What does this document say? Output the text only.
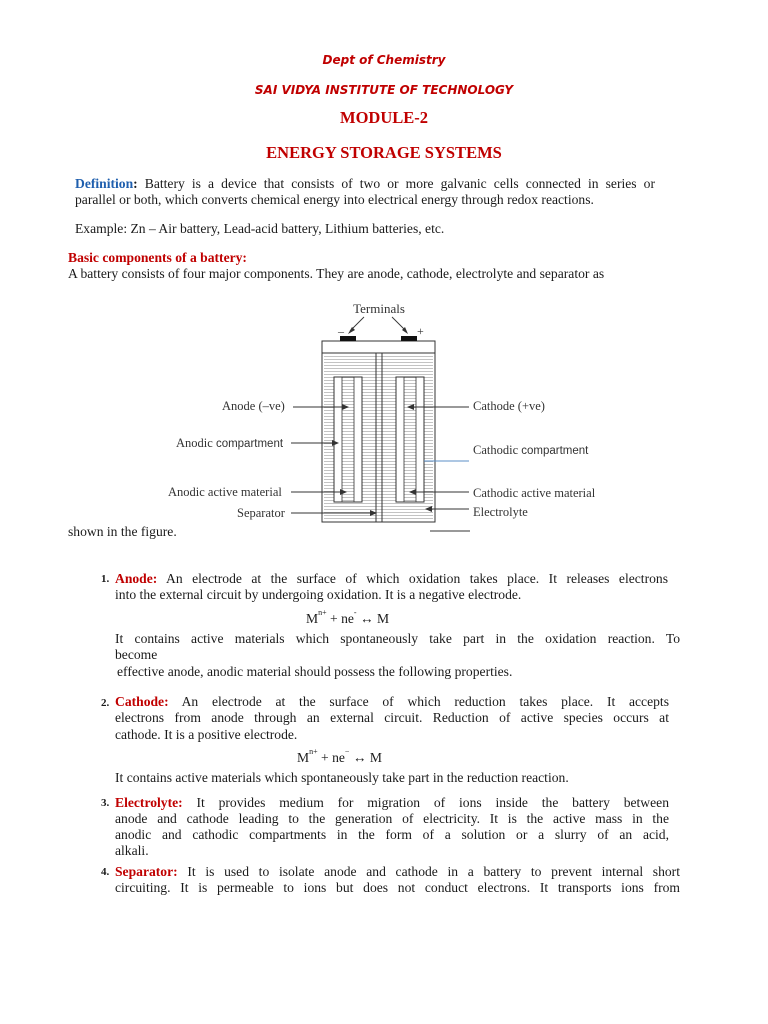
Dept of Chemistry
SAI VIDYA INSTITUTE OF TECHNOLOGY
MODULE-2
ENERGY STORAGE SYSTEMS
Definition: Battery is a device that consists of two or more galvanic cells connected in series or
parallel or both, which converts chemical energy into electrical energy through redox reactions.
Example: Zn – Air battery, Lead-acid battery, Lithium batteries, etc.
Basic components of a battery:
A battery consists of four major components. They are anode, cathode, electrolyte and separator as
Terminals
–	+
Anode (–ve)
Anodic compartment
Anodic active material
Separator
Cathode (+ve)
Cathodic compartment
Cathodic active material
Electrolyte
shown in the figure.
1. Anode: An electrode at the surface of which oxidation takes place. It releases electrons
into the external circuit by undergoing oxidation. It is a negative electrode.
$M^{n+} + ne^-$ ↔ M
It contains active materials which spontaneously take part in the oxidation reaction. To
become
effective anode, anodic material should possess the following properties.
2. Cathode: An electrode at the surface of which reduction takes place. It accepts
electrons from anode through an external circuit. Reduction of active species occurs at
cathode. It is a positive electrode.
$M^{n+} + ne^-$ ↔ M
It contains active materials which spontaneously take part in the reduction reaction.
3. Electrolyte: It provides medium for migration of ions inside the battery between
anode and cathode leading to the generation of electricity. It is the active mass in the
anodic and cathodic compartments in the form of a solution or a slurry of an acid,
alkali.
4. Separator: It is used to isolate anode and cathode in a battery to prevent internal short
circuiting. It is permeable to ions but does not conduct electrons. It transports ions from
